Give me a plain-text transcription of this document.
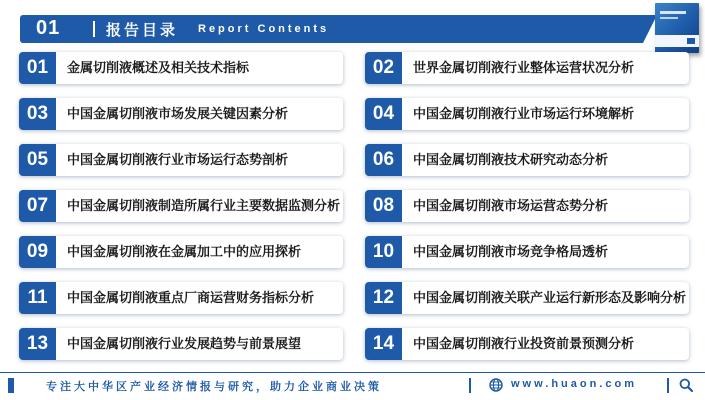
01	报告目录 Report Contents
01	金属切削液概述及相关技术指标	02	世界金属切削液行业整体运营状况分析
03	中国金属切削液市场发展关键因素分析	04	中国金属切削液行业市场运行环境解析
05	中国金属切削液行业市场运行态势剖析	06	中国金属切削液技术研究动态分析
07	中国金属切削液制造所属行业主要数据监测分析	08	中国金属切削液市场运营态势分析
09	中国金属切削液在金属加工中的应用探析	10	中国金属切削液市场竞争格局透析
11	中国金属切削液重点厂商运营财务指标分析	12	中国金属切削液关联产业运行新形态及影响分析
13	中国金属切削液行业发展趋势与前景展望	14	中国金属切削液行业投资前景预测分析
专注大中华区产业经济情报与研究，助力企业商业决策	www.huaon.com
